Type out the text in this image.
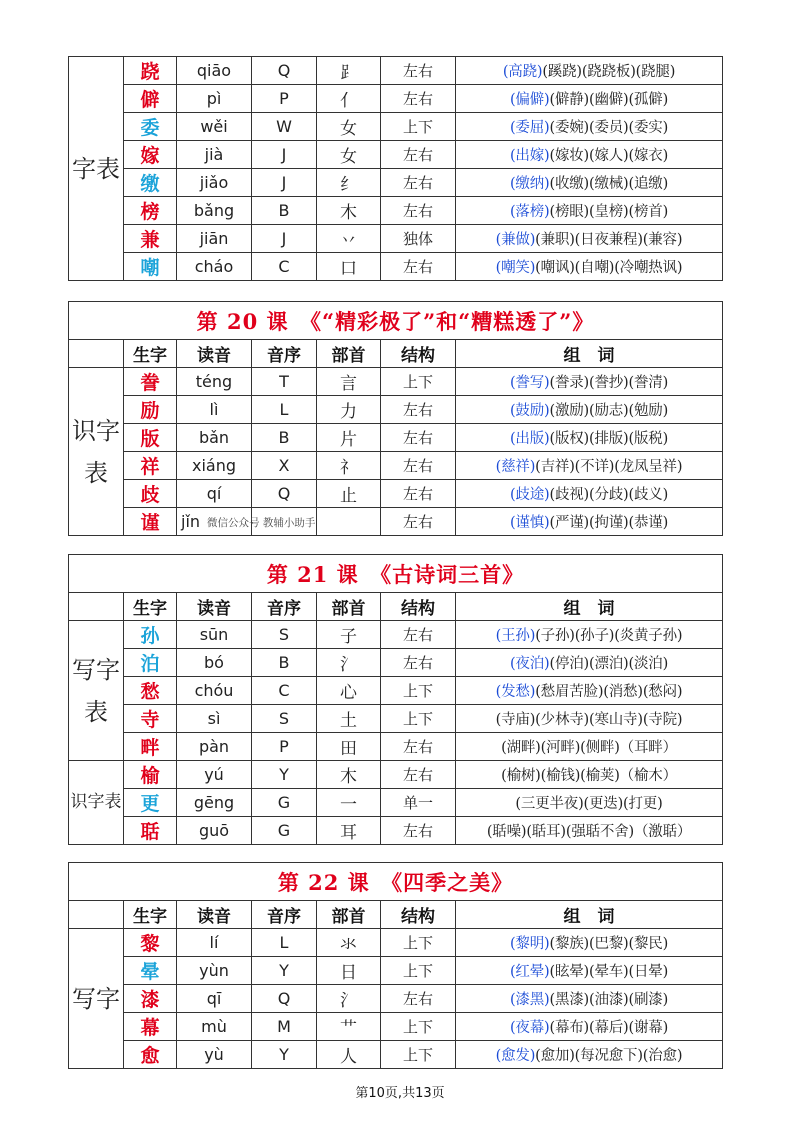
字表	跷	qiāo	Q	⻊	左右	(高跷)(蹊跷)(跷跷板)(跷腿)
	僻	pì	P	亻	左右	(偏僻)(僻静)(幽僻)(孤僻)
	委	wěi	W	女	上下	(委屈)(委婉)(委员)(委实)
	嫁	jià	J	女	左右	(出嫁)(嫁妆)(嫁人)(嫁衣)
	缴	jiǎo	J	纟	左右	(缴纳)(收缴)(缴械)(追缴)
	榜	bǎng	B	木	左右	(落榜)(榜眼)(皇榜)(榜首)
	兼	jiān	J	丷	独体	(兼做)(兼职)(日夜兼程)(兼容)
	嘲	cháo	C	口	左右	(嘲笑)(嘲讽)(自嘲)(冷嘲热讽)
第 20 课　《“精彩极了”和“糟糕透了”》						
	生字	读音	音序	部首	结构	组　词
识字表	誊	téng	T	言	上下	(誊写)(誊录)(誊抄)(誊清)
	励	lì	L	力	左右	(鼓励)(激励)(励志)(勉励)
	版	bǎn	B	片	左右	(出版)(版权)(排版)(版税)
	祥	xiáng	X	礻	左右	(慈祥)(吉祥)(不详)(龙凤呈祥)
	歧	qí	Q	止	左右	(歧途)(歧视)(分歧)(歧义)
	谨	jǐn 微信公众号 教辅小助手			左右	(谨慎)(严谨)(拘谨)(恭谨)
第 21 课　《古诗词三首》						
	生字	读音	音序	部首	结构	组　词
写字表	孙	sūn	S	子	左右	(王孙)(子孙)(孙子)(炎黄子孙)
	泊	bó	B	氵	左右	(夜泊)(停泊)(漂泊)(淡泊)
	愁	chóu	C	心	上下	(发愁)(愁眉苦脸)(消愁)(愁闷)
	寺	sì	S	土	上下	(寺庙)(少林寺)(寒山寺)(寺院)
	畔	pàn	P	田	左右	(湖畔)(河畔)(侧畔)（耳畔）
识字表	榆	yú	Y	木	左右	(榆树)(榆钱)(榆荚)（榆木）
	更	gēng	G	一	单一	(三更半夜)(更迭)(打更)
	聒	guō	G	耳	左右	(聒噪)(聒耳)(强聒不舍)（激聒）
第 22 课　《四季之美》						
	生字	读音	音序	部首	结构	组　词
写字	黎	lí	L	氺	上下	(黎明)(黎族)(巴黎)(黎民)
	晕	yùn	Y	日	上下	(红晕)(眩晕)(晕车)(日晕)
	漆	qī	Q	氵	左右	(漆黑)(黑漆)(油漆)(刷漆)
	幕	mù	M	艹	上下	(夜幕)(幕布)(幕后)(谢幕)
	愈	yù	Y	人	上下	(愈发)(愈加)(每况愈下)(治愈)
第10页,共13页
